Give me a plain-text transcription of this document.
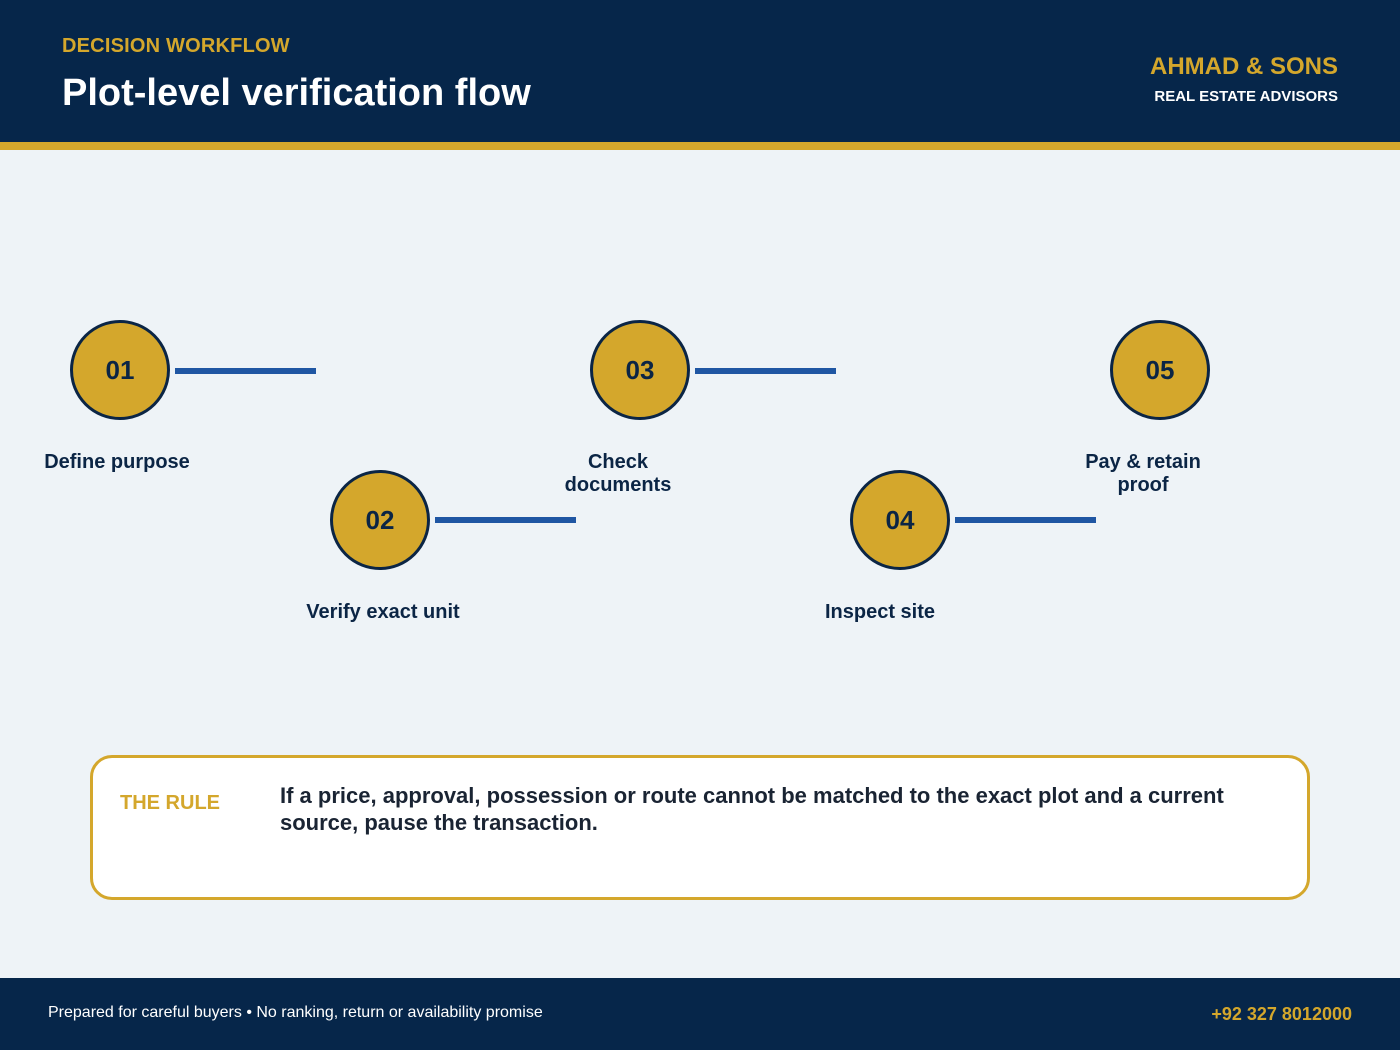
DECISION WORKFLOW
Plot-level verification flow
AHMAD & SONS
REAL ESTATE ADVISORS
01
Define purpose
02
Verify exact unit
03
Check documents
04
Inspect site
05
Pay & retain proof
THE RULE	If a price, approval, possession or route cannot be matched to the exact plot and a current source, pause the transaction.
Prepared for careful buyers • No ranking, return or availability promise	+92 327 8012000
